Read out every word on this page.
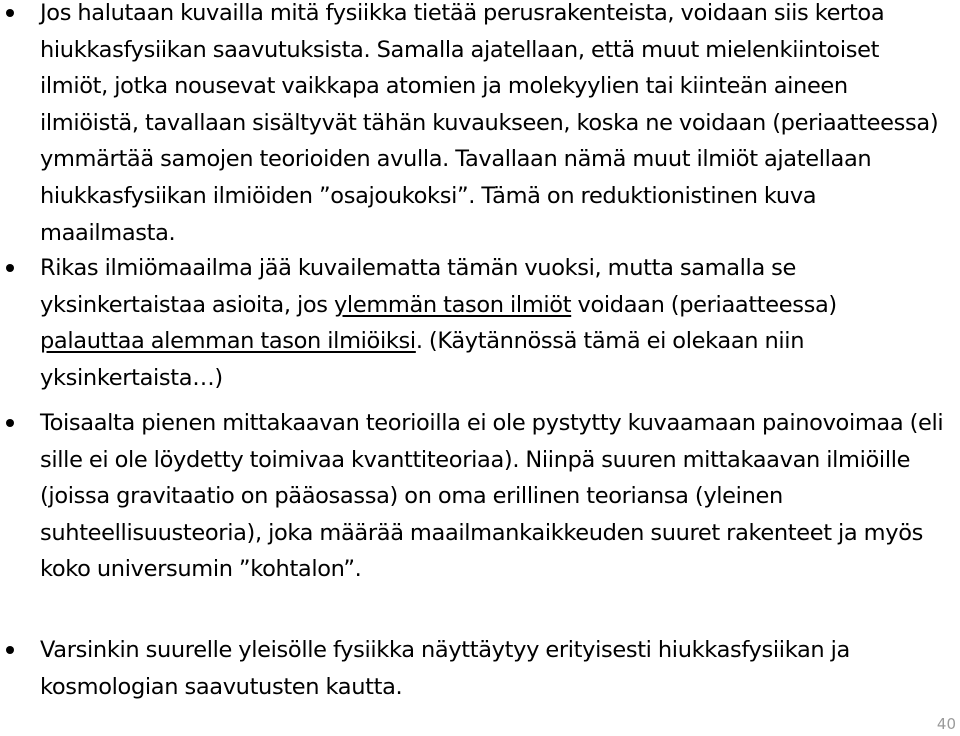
Jos halutaan kuvailla mitä fysiikka tietää perusrakenteista, voidaan siis kertoa hiukkasfysiikan saavutuksista. Samalla ajatellaan, että muut mielenkiintoiset ilmiöt, jotka nousevat vaikkapa atomien ja molekyylien tai kiinteän aineen ilmiöistä, tavallaan sisältyvät tähän kuvaukseen, koska ne voidaan (periaatteessa) ymmärtää samojen teorioiden avulla. Tavallaan nämä muut ilmiöt ajatellaan hiukkasfysiikan ilmiöiden ”osajoukoksi”. Tämä on reduktionistinen kuva maailmasta.
Rikas ilmiömaailma jää kuvailematta tämän vuoksi, mutta samalla se yksinkertaistaa asioita, jos ylemmän tason ilmiöt voidaan (periaatteessa) palauttaa alemman tason ilmiöiksi. (Käytännössä tämä ei olekaan niin yksinkertaista…)
Toisaalta pienen mittakaavan teorioilla ei ole pystytty kuvaamaan painovoimaa (eli sille ei ole löydetty toimivaa kvanttiteoriaa). Niinpä suuren mittakaavan ilmiöille (joissa gravitaatio on pääosassa) on oma erillinen teoriansa (yleinen suhteellisuusteoria), joka määrää maailmankaikkeuden suuret rakenteet ja myös koko universumin ”kohtalon”.
Varsinkin suurelle yleisölle fysiikka näyttäytyy erityisesti hiukkasfysiikan ja kosmologian saavutusten kautta.
40
